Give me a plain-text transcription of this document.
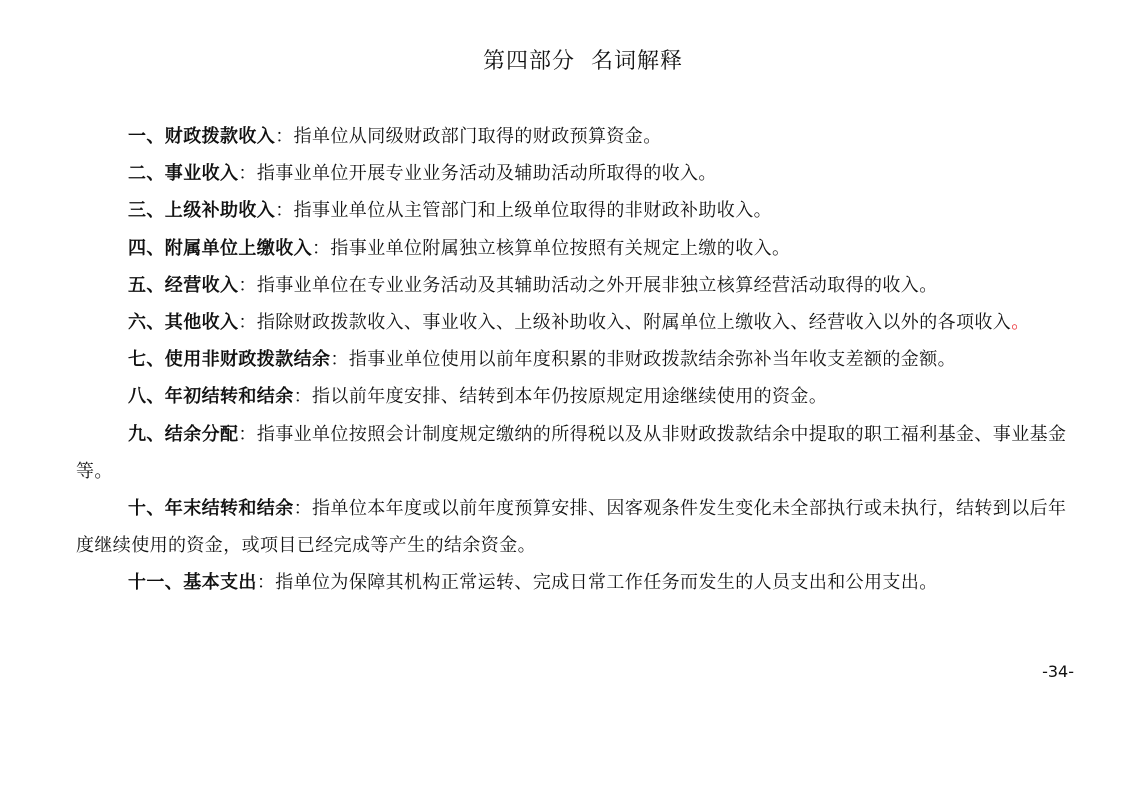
第四部分  名词解释

一、财政拨款收入：指单位从同级财政部门取得的财政预算资金。

二、事业收入：指事业单位开展专业业务活动及辅助活动所取得的收入。

三、上级补助收入：指事业单位从主管部门和上级单位取得的非财政补助收入。

四、附属单位上缴收入：指事业单位附属独立核算单位按照有关规定上缴的收入。

五、经营收入：指事业单位在专业业务活动及其辅助活动之外开展非独立核算经营活动取得的收入。

六、其他收入：指除财政拨款收入、事业收入、上级补助收入、附属单位上缴收入、经营收入以外的各项收入。

七、使用非财政拨款结余：指事业单位使用以前年度积累的非财政拨款结余弥补当年收支差额的金额。

八、年初结转和结余：指以前年度安排、结转到本年仍按原规定用途继续使用的资金。

九、结余分配：指事业单位按照会计制度规定缴纳的所得税以及从非财政拨款结余中提取的职工福利基金、事业基金等。

十、年末结转和结余：指单位本年度或以前年度预算安排、因客观条件发生变化未全部执行或未执行，结转到以后年度继续使用的资金，或项目已经完成等产生的结余资金。

十一、基本支出：指单位为保障其机构正常运转、完成日常工作任务而发生的人员支出和公用支出。

-34-
